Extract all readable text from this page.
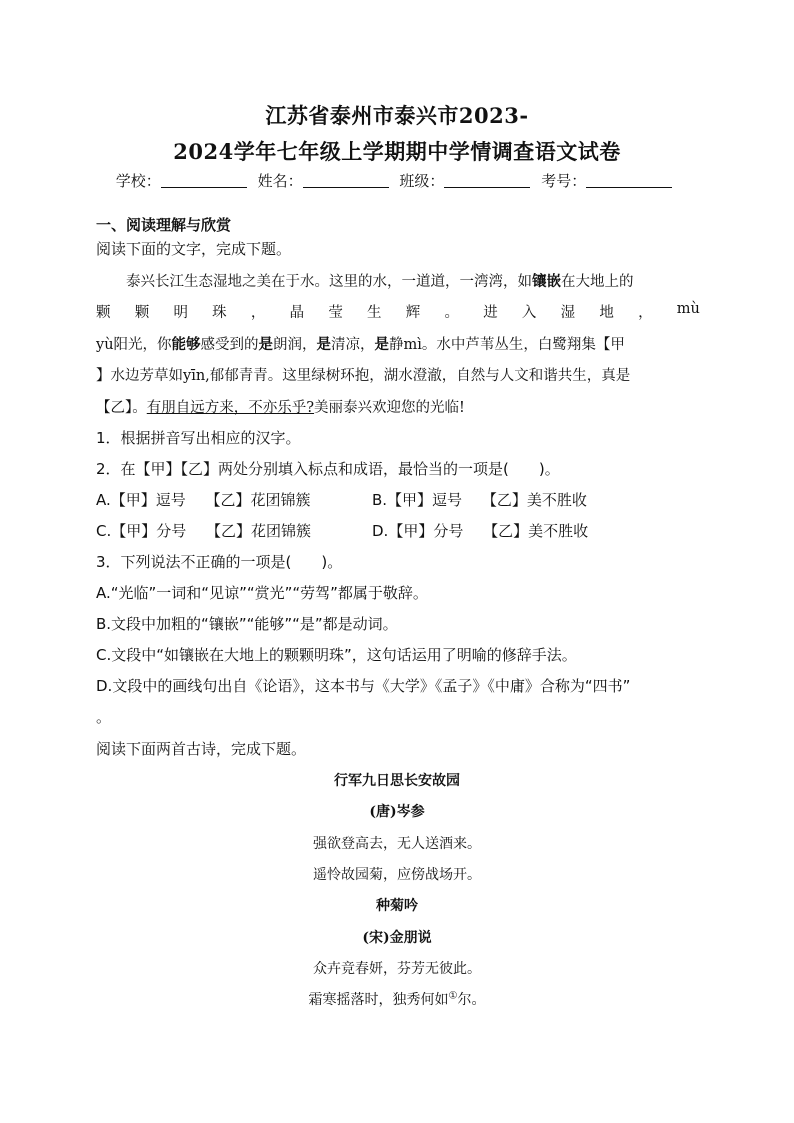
江苏省泰州市泰兴市2023-
2024学年七年级上学期期中学情调查语文试卷
学校：	姓名：	班级：	考号：
一、阅读理解与欣赏
阅读下面的文字，完成下题。
泰兴长江生态湿地之美在于水。这里的水，一道道，一湾湾，如镶嵌在大地上的
颗 颗 明 珠 ， 晶 莹 生 辉 。 进 入 湿 地 ， mù
yù阳光，你能够感受到的是朗润，是清凉，是静mì。水中芦苇丛生，白鹭翔集【甲
】水边芳草如yīn,郁郁青青。这里绿树环抱，湖水澄澈，自然与人文和谐共生，真是
【乙】。有朋自远方来，不亦乐乎?美丽泰兴欢迎您的光临!
1．根据拼音写出相应的汉字。
2．在【甲】【乙】两处分别填入标点和成语，最恰当的一项是(　　)。
A.【甲】逗号　 【乙】花团锦簇	B.【甲】逗号　 【乙】美不胜收
C.【甲】分号　 【乙】花团锦簇	D.【甲】分号　 【乙】美不胜收
3．下列说法不正确的一项是(　　)。
A.“光临”一词和“见谅”“赏光”“劳驾”都属于敬辞。
B.文段中加粗的“镶嵌”“能够”“是”都是动词。
C.文段中“如镶嵌在大地上的颗颗明珠”，这句话运用了明喻的修辞手法。
D.文段中的画线句出自《论语》，这本书与《大学》《孟子》《中庸》合称为“四书”
。
阅读下面两首古诗，完成下题。
行军九日思长安故园
(唐)岑参
强欲登高去，无人送酒来。
遥怜故园菊，应傍战场开。
种菊吟
(宋)金朋说
众卉竞春妍，芬芳无彼此。
霜寒摇落时，独秀何如①尔。
